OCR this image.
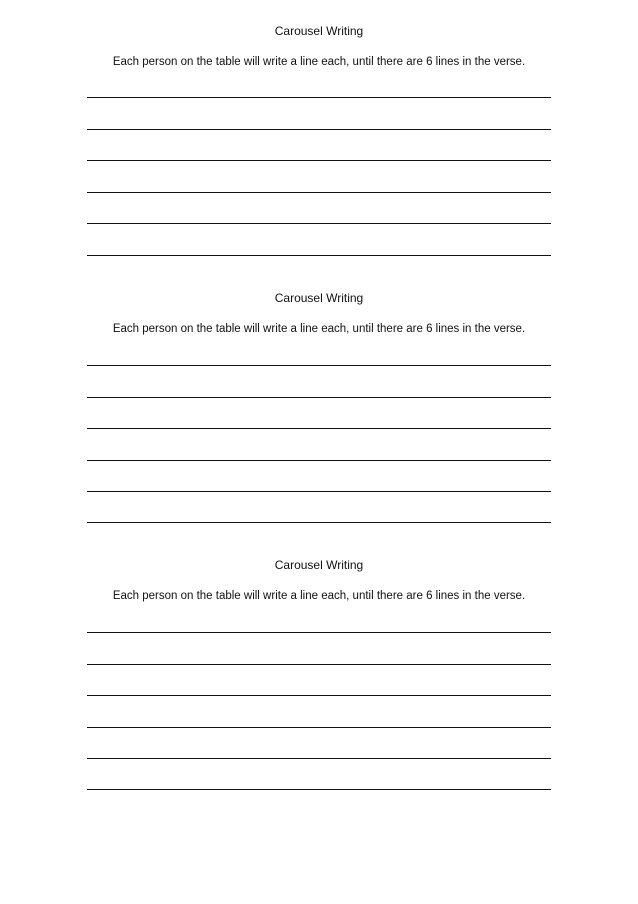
Carousel Writing
Each person on the table will write a line each, until there are 6 lines in the verse.
Carousel Writing
Each person on the table will write a line each, until there are 6 lines in the verse.
Carousel Writing
Each person on the table will write a line each, until there are 6 lines in the verse.
